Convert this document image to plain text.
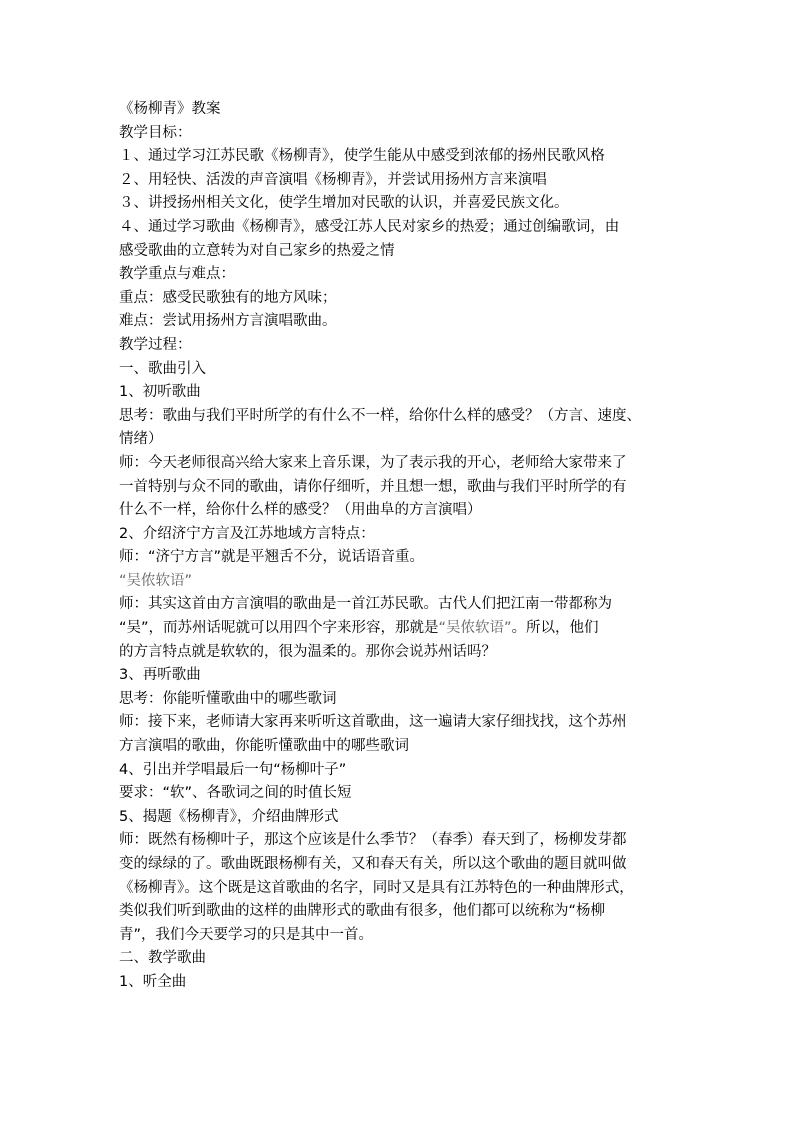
《杨柳青》教案

教学目标：

１、通过学习江苏民歌《杨柳青》，使学生能从中感受到浓郁的扬州民歌风格

２、用轻快、活泼的声音演唱《杨柳青》，并尝试用扬州方言来演唱

３、讲授扬州相关文化，使学生增加对民歌的认识，并喜爱民族文化。

４、通过学习歌曲《杨柳青》，感受江苏人民对家乡的热爱；通过创编歌词，由

感受歌曲的立意转为对自己家乡的热爱之情

教学重点与难点：

重点：感受民歌独有的地方风味；

难点：尝试用扬州方言演唱歌曲。

教学过程：

一、歌曲引入

1、初听歌曲

思考：歌曲与我们平时所学的有什么不一样，给你什么样的感受？（方言、速度、

情绪）

师：今天老师很高兴给大家来上音乐课，为了表示我的开心，老师给大家带来了

一首特别与众不同的歌曲，请你仔细听，并且想一想，歌曲与我们平时所学的有

什么不一样，给你什么样的感受？（用曲阜的方言演唱）

2、介绍济宁方言及江苏地域方言特点：

师：“济宁方言”就是平翘舌不分，说话语音重。

“吴侬软语”

师：其实这首由方言演唱的歌曲是一首江苏民歌。古代人们把江南一带都称为

“吴”，而苏州话呢就可以用四个字来形容，那就是“吴侬软语”。所以，他们

的方言特点就是软软的，很为温柔的。那你会说苏州话吗？

3、再听歌曲

思考：你能听懂歌曲中的哪些歌词

师：接下来，老师请大家再来听听这首歌曲，这一遍请大家仔细找找，这个苏州

方言演唱的歌曲，你能听懂歌曲中的哪些歌词

4、引出并学唱最后一句“杨柳叶子”

要求：“软”、各歌词之间的时值长短

5、揭题《杨柳青》，介绍曲牌形式

师：既然有杨柳叶子，那这个应该是什么季节？（春季）春天到了，杨柳发芽都

变的绿绿的了。歌曲既跟杨柳有关，又和春天有关，所以这个歌曲的题目就叫做

《杨柳青》。这个既是这首歌曲的名字，同时又是具有江苏特色的一种曲牌形式，

类似我们听到歌曲的这样的曲牌形式的歌曲有很多，他们都可以统称为“杨柳

青”，我们今天要学习的只是其中一首。

二、教学歌曲

1、听全曲
